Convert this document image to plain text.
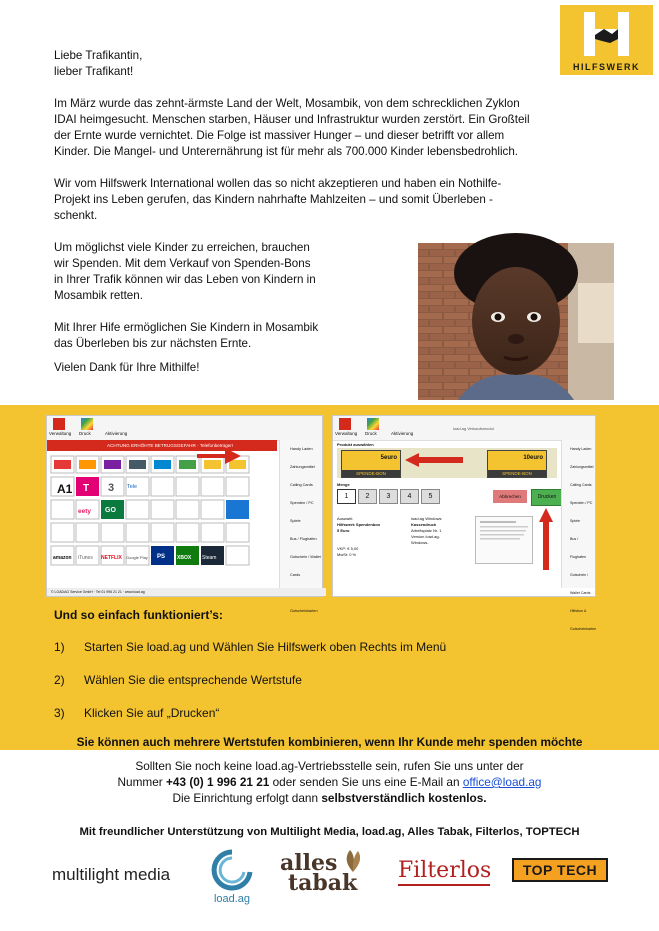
Liebe Trafikantin,
lieber Trafikant!

Im März wurde das zehnt-ärmste Land der Welt, Mosambik, von dem schrecklichen Zyklon IDAI heimgesucht. Menschen starben, Häuser und Infrastruktur wurden zerstört. Ein Großteil der Ernte wurde vernichtet. Die Folge ist massiver Hunger – und dieser betrifft vor allem Kinder. Die Mangel- und Unterernährung ist für mehr als 700.000 Kinder lebensbedrohlich.

Wir vom Hilfswerk International wollen das so nicht akzeptieren und haben ein Nothilfe-Projekt ins Leben gerufen, das Kindern nahrhafte Mahlzeiten – und somit Überleben - schenkt.

Um möglichst viele Kinder zu erreichen, brauchen wir Spenden. Mit dem Verkauf von Spenden-Bons in Ihrer Trafik können wir das Leben von Kindern in Mosambik retten.

Mit Ihrer Hife ermöglichen Sie Kindern in Mosambik das Überleben bis zur nächsten Ernte.

Vielen Dank für Ihre Mithilfe!

HILFSWERK
Verwaltung Druck	Aktivierung
ACHTUNG ERHÖHTE BETRUGSGEFAHR · Telefonbetrüger!
A1 T 3 Tele
eety GO
amazon iTunes NETFLIX Google Play PS XBOX Steam
Handy Laden
Zahlungsmittel
Calling Cards
Spenden / PC Spiele
Bus / Flughafen
Gutschein / Wallet Cards
Gutscheinkarten
© LOADAG Service GmbH · Tel 01 996 21 21 · www.load.ag
Verwaltung Druck	Aktivierung
load.ag Verkaufsmodul
Produkt auswählen
5euro
SPENDE-BON
10euro
SPENDE-BON
Menge
1	2	3	4	5	Abbrechen	Drucken
Auswahl:
Hilfswerk Spendenbon
5 Euro
VKP: € 5,00
MwSt: 0 %
load.ag Windows
Kassendruck
Arbeitsplatz Nr. 1
Version load.ag-
Windows-
Handy Laden
Zahlungsmittel
Calling Cards
Spenden / PC Spiele
Bus / Flughafen
Gutschein / Wallet Cards
Hilfsbon & Gutscheinkarten
Und so einfach funktioniert’s:
1) Starten Sie load.ag und Wählen Sie Hilfswerk oben Rechts im Menü
2) Wählen Sie die entsprechende Wertstufe
3) Klicken Sie auf „Drucken“
Sie können auch mehrere Wertstufen kombinieren, wenn Ihr Kunde mehr spenden möchte
Sollten Sie noch keine load.ag-Vertriebsstelle sein, rufen Sie uns unter der
Nummer +43 (0) 1 996 21 21 oder senden Sie uns eine E-Mail an office@load.ag
Die Einrichtung erfolgt dann selbstverständlich kostenlos.
Mit freundlicher Unterstützung von Multilight Media, load.ag, Alles Tabak, Filterlos, TOPTECH
multilight media
load.ag
alles
tabak Filterlos	TOP TECH
